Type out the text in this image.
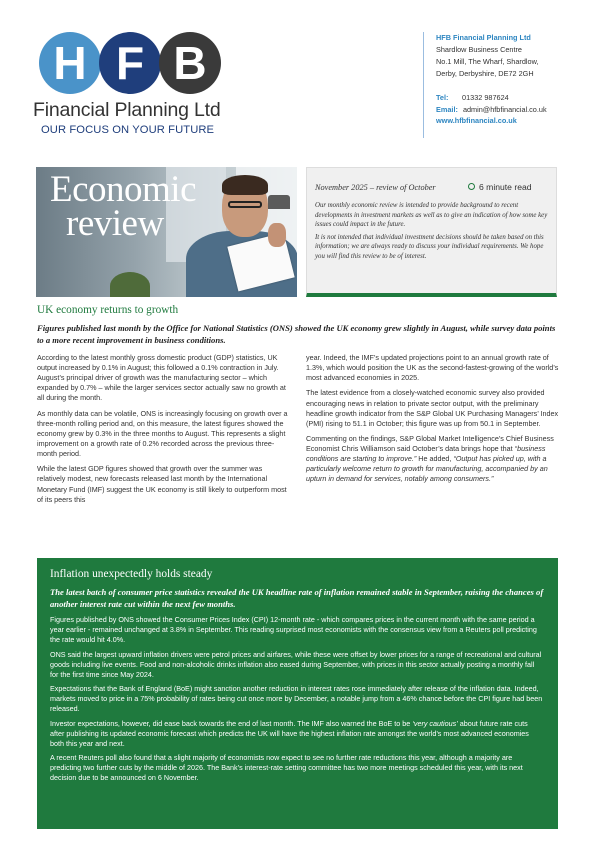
H F B
Financial Planning Ltd
OUR FOCUS ON YOUR FUTURE
HFB Financial Planning Ltd
Shardlow Business Centre
No.1 Mill, The Wharf, Shardlow,
Derby, Derbyshire, DE72 2GH
Tel: 01332 987624
Email: admin@hfbfinancial.co.uk
www.hfbfinancial.co.uk
Economic
review
November 2025 – review of October	6 minute read

Our monthly economic review is intended to provide background to recent developments in investment markets as well as to give an indication of how some key issues could impact in the future.

It is not intended that individual investment decisions should be taken based on this information; we are always ready to discuss your individual requirements. We hope you will find this review to be of interest.

UK economy returns to growth
Figures published last month by the Office for National Statistics (ONS) showed the UK economy grew slightly in August, while survey data points to a more recent improvement in business conditions.

According to the latest monthly gross domestic product (GDP) statistics, UK output increased by 0.1% in August; this followed a 0.1% contraction in July. August’s principal driver of growth was the manufacturing sector – which expanded by 0.7% – while the larger services sector actually saw no growth at all during the month.

As monthly data can be volatile, ONS is increasingly focusing on growth over a three-month rolling period and, on this measure, the latest figures showed the economy grew by 0.3% in the three months to August. This represents a slight improvement on a growth rate of 0.2% recorded across the previous three-month period.

While the latest GDP figures showed that growth over the summer was relatively modest, new forecasts released last month by the International Monetary Fund (IMF) suggest the UK economy is still likely to outperform most of its peers this

year. Indeed, the IMF’s updated projections point to an annual growth rate of 1.3%, which would position the UK as the second-fastest-growing of the world’s most advanced economies in 2025.

The latest evidence from a closely-watched economic survey also provided encouraging news in relation to private sector output, with the preliminary headline growth indicator from the S&P Global UK Purchasing Managers’ Index (PMI) rising to 51.1 in October; this figure was up from 50.1 in September.

Commenting on the findings, S&P Global Market Intelligence’s Chief Business Economist Chris Williamson said October’s data brings hope that “business conditions are starting to improve.” He added, “Output has picked up, with a particularly welcome return to growth for manufacturing, accompanied by an upturn in demand for services, notably among consumers.”

Inflation unexpectedly holds steady
The latest batch of consumer price statistics revealed the UK headline rate of inflation remained stable in September, raising the chances of another interest rate cut within the next few months.

Figures published by ONS showed the Consumer Prices Index (CPI) 12-month rate - which compares prices in the current month with the same period a year earlier - remained unchanged at 3.8% in September. This reading surprised most economists with the consensus view from a Reuters poll predicting the rate would hit 4.0%.

ONS said the largest upward inflation drivers were petrol prices and airfares, while these were offset by lower prices for a range of recreational and cultural goods including live events. Food and non-alcoholic drinks inflation also eased during September, with prices in this sector actually posting a monthly fall for the first time since May 2024.

Expectations that the Bank of England (BoE) might sanction another reduction in interest rates rose immediately after release of the inflation data. Indeed, markets moved to price in a 75% probability of rates being cut once more by December, a notable jump from a 46% chance before the CPI figure had been released.

Investor expectations, however, did ease back towards the end of last month. The IMF also warned the BoE to be ‘very cautious’ about future rate cuts after publishing its updated economic forecast which predicts the UK will have the highest inflation rate amongst the world’s most advanced economies both this year and next.

A recent Reuters poll also found that a slight majority of economists now expect to see no further rate reductions this year, although a majority are predicting two further cuts by the middle of 2026. The Bank’s interest-rate setting committee has two more meetings scheduled this year, with its next decision due to be announced on 6 November.
